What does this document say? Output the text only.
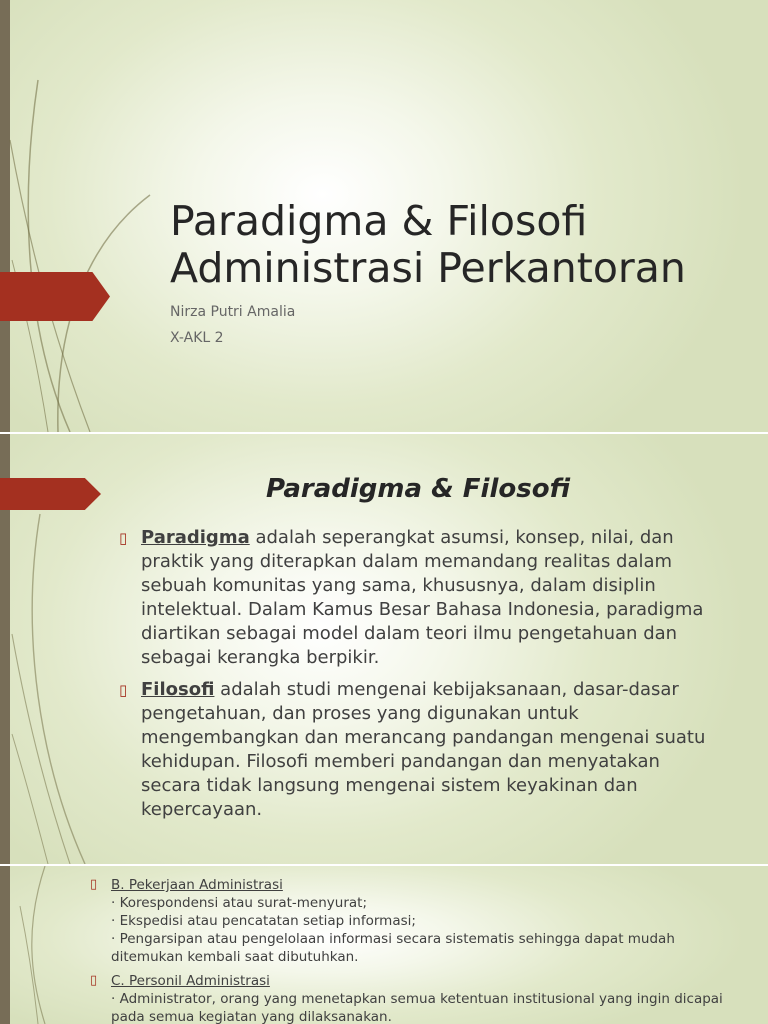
Paradigma & Filosofi
Administrasi Perkantoran
Nirza Putri Amalia
X-AKL 2
Paradigma & Filosofi
▯ Paradigma adalah seperangkat asumsi, konsep, nilai, dan praktik yang diterapkan dalam memandang realitas dalam sebuah komunitas yang sama, khususnya, dalam disiplin intelektual. Dalam Kamus Besar Bahasa Indonesia, paradigma diartikan sebagai model dalam teori ilmu pengetahuan dan sebagai kerangka berpikir.
▯ Filosofi adalah studi mengenai kebijaksanaan, dasar-dasar pengetahuan, dan proses yang digunakan untuk mengembangkan dan merancang pandangan mengenai suatu kehidupan. Filosofi memberi pandangan dan menyatakan secara tidak langsung mengenai sistem keyakinan dan kepercayaan.
▯ B. Pekerjaan Administrasi
· Korespondensi atau surat-menyurat;
· Ekspedisi atau pencatatan setiap informasi;
· Pengarsipan atau pengelolaan informasi secara sistematis sehingga dapat mudah ditemukan kembali saat dibutuhkan.
▯ C. Personil Administrasi
· Administrator, orang yang menetapkan semua ketentuan institusional yang ingin dicapai pada semua kegiatan yang dilaksanakan.
